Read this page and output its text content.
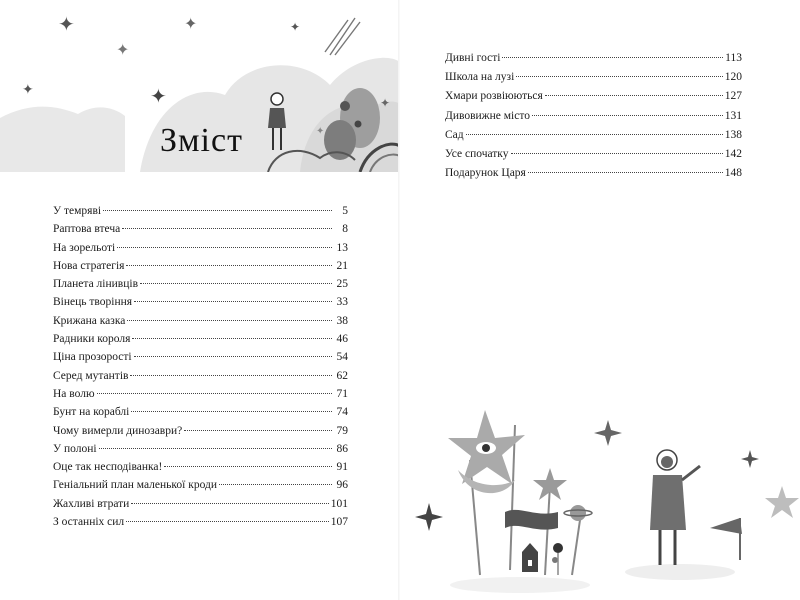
✦
✦
✦	✦
✦
✦
✦
✦
Зміст
У темряві	5
Раптова втеча	8
На зорельоті	13
Нова стратегія	21
Планета лінивців	25
Вінець творіння	33
Крижана казка	38
Радники короля	46
Ціна прозорості	54
Серед мутантів	62
На волю	71
Бунт на кораблі	74
Чому вимерли динозаври?	79
У полоні	86
Оце так несподіванка!	91
Геніальний план маленької кроди	96
Жахливі втрати	101
З останніх сил	107
Дивні гості	113
Школа на лузі	120
Хмари розвіюються	127
Дивовижне місто	131
Сад	138
Усе спочатку	142
Подарунок Царя	148
